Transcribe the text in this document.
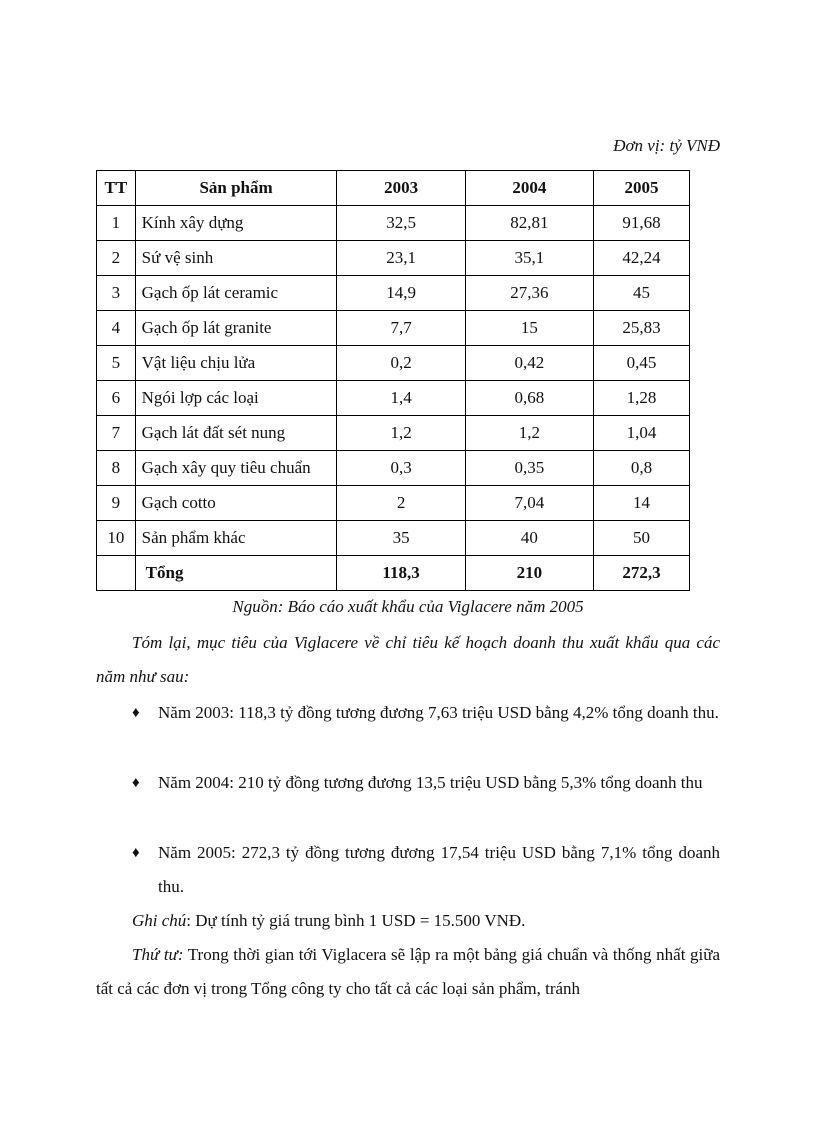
Đơn vị: tỷ VNĐ
TT	Sản phẩm	2003	2004	2005
1	Kính xây dựng	32,5	82,81	91,68
2	Sứ vệ sinh	23,1	35,1	42,24
3	Gạch ốp lát ceramic	14,9	27,36	45
4	Gạch ốp lát granite	7,7	15	25,83
5	Vật liệu chịu lửa	0,2	0,42	0,45
6	Ngói lợp các loại	1,4	0,68	1,28
7	Gạch lát đất sét nung	1,2	1,2	1,04
8	Gạch xây quy tiêu chuẩn	0,3	0,35	0,8
9	Gạch cotto	2	7,04	14
10	Sản phẩm khác	35	40	50
	Tổng	118,3	210	272,3
Nguồn: Báo cáo xuất khẩu của Viglacere năm 2005
Tóm lại, mục tiêu của Viglacere về chỉ tiêu kế hoạch doanh thu xuất khẩu qua các năm như sau:
♦	Năm 2003: 118,3 tỷ đồng tương đương 7,63 triệu USD bằng 4,2% tổng doanh thu.
♦	Năm 2004: 210 tỷ đồng tương đương 13,5 triệu USD bằng 5,3% tổng doanh thu
♦	Năm 2005: 272,3 tỷ đồng tương đương 17,54 triệu USD bằng 7,1% tổng doanh thu.
Ghi chú: Dự tính tỷ giá trung bình 1 USD = 15.500 VNĐ.
Thứ tư: Trong thời gian tới Viglacera sẽ lập ra một bảng giá chuẩn và thống nhất giữa tất cả các đơn vị trong Tổng công ty cho tất cả các loại sản phẩm, tránh
